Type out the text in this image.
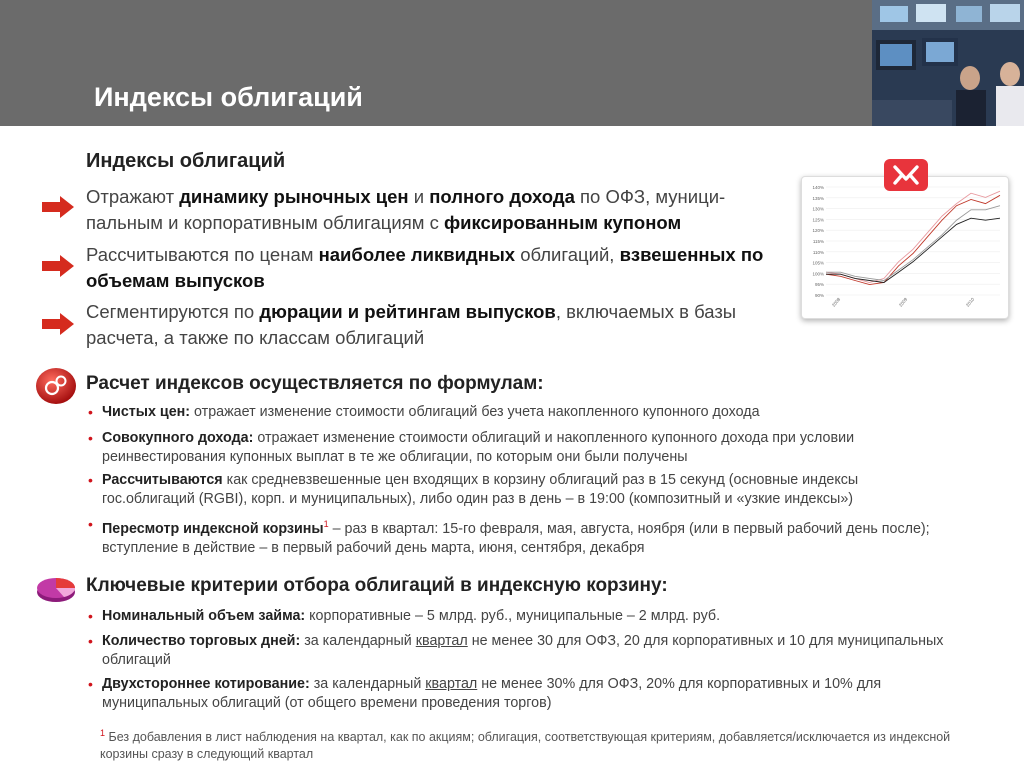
Индексы облигаций
Индексы облигаций
Отражают динамику рыночных цен и полного дохода по ОФЗ, муници-пальным и корпоративным облигациям с фиксированным купоном
Рассчитываются по ценам наиболее ликвидных облигаций, взвешенных по объемам выпусков
Сегментируются по дюрации и рейтингам выпусков, включаемых в базы расчета, а также по классам облигаций
140%
135%
130%
125%
120%
115%
110%
105%
100%
95%
90%
2008	2009	2010
Расчет индексов осуществляется по формулам:
• Чистых цен: отражает изменение стоимости облигаций без учета накопленного купонного дохода
• Совокупного дохода: отражает изменение стоимости облигаций и накопленного купонного дохода при условии реинвестирования купонных выплат в те же облигации, по которым они были получены
• Рассчитываются как средневзвешенные цен входящих в корзину облигаций раз в 15 секунд (основные индексы гос.облигаций (RGBI), корп. и муниципальных), либо один раз в день – в 19:00 (композитный и «узкие индексы»)
• Пересмотр индексной корзины$^1$ – раз в квартал: 15-го февраля, мая, августа, ноября (или в первый рабочий день после); вступление в действие – в первый рабочий день марта, июня, сентября, декабря
Ключевые критерии отбора облигаций в индексную корзину:
• Номинальный объем займа: корпоративные – 5 млрд. руб., муниципальные – 2 млрд. руб.
• Количество торговых дней: за календарный квартал не менее 30 для ОФЗ, 20 для корпоративных и 10 для муниципальных облигаций
• Двухстороннее котирование: за календарный квартал не менее 30% для ОФЗ, 20% для корпоративных и 10% для муниципальных облигаций (от общего времени проведения торгов)
$^1$ Без добавления в лист наблюдения на квартал, как по акциям; облигация, соответствующая критериям, добавляется/исключается из индексной корзины сразу в следующий квартал
